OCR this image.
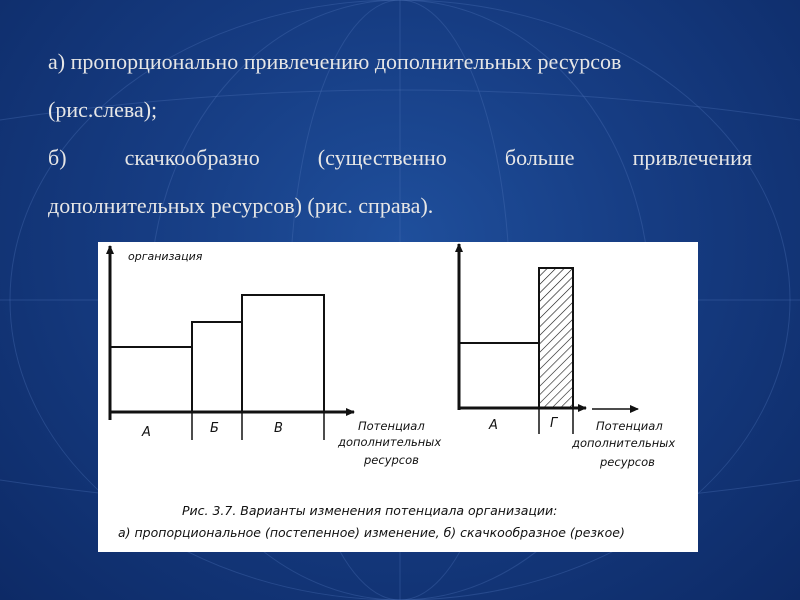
а) пропорционально привлечению дополнительных ресурсов
(рис.слева);
б) скачкообразно (существенно больше привлечения
дополнительных ресурсов) (рис. справа).
организация
А	Б	В	Потенциал
дополнительных
ресурсов
А	Г	Потенциал
дополнительных
ресурсов
Рис. 3.7. Варианты изменения потенциала организации:
а) пропорциональное (постепенное) изменение, б) скачкообразное (резкое)
